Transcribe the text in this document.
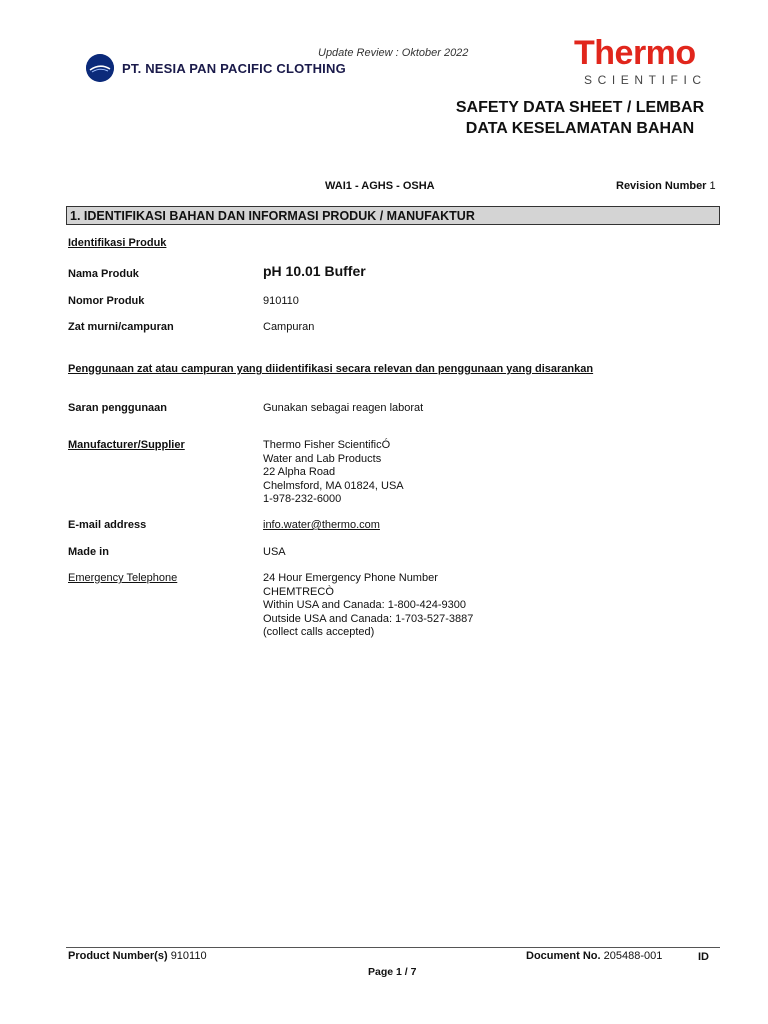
Update Review : Oktober 2022
PT. NESIA PAN PACIFIC CLOTHING	Thermo
SCIENTIFIC
SAFETY DATA SHEET / LEMBAR
DATA KESELAMATAN BAHAN
WAI1 - AGHS - OSHA	Revision Number 1
1. IDENTIFIKASI BAHAN DAN INFORMASI PRODUK / MANUFAKTUR
Identifikasi Produk
Nama Produk	pH 10.01 Buffer
Nomor Produk	910110
Zat murni/campuran	Campuran
Penggunaan zat atau campuran yang diidentifikasi secara relevan dan penggunaan yang disarankan
Saran penggunaan	Gunakan sebagai reagen laborat
Manufacturer/Supplier	Thermo Fisher ScientificÓ
Water and Lab Products
22 Alpha Road
Chelmsford, MA 01824, USA
1-978-232-6000
E-mail address	info.water@thermo.com
Made in	USA
Emergency Telephone	24 Hour Emergency Phone Number
CHEMTRECÒ
Within USA and Canada: 1-800-424-9300
Outside USA and Canada: 1-703-527-3887
(collect calls accepted)
Product Number(s) 910110	Document No. 205488-001	ID
Page 1 / 7
